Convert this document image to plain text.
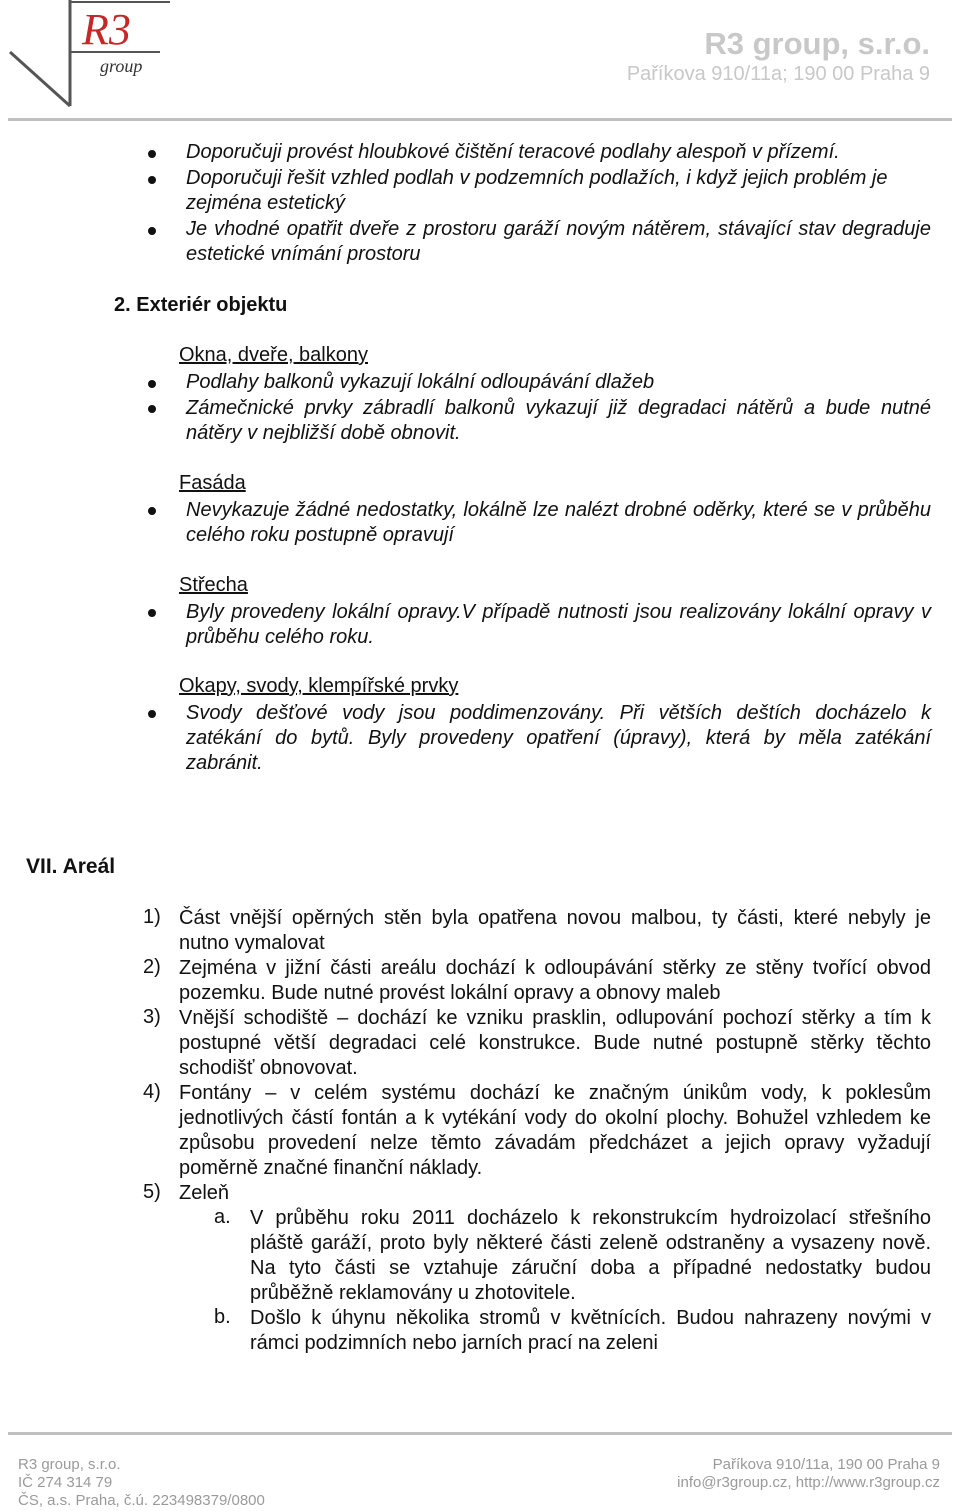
R3
group
R3 group, s.r.o.
Paříkova 910/11a; 190 00 Praha 9
Doporučuji provést hloubkové čištění teracové podlahy alespoň v přízemí.
Doporučuji řešit vzhled podlah v podzemních podlažích, i když jejich problém je zejména estetický
Je vhodné opatřit dveře z prostoru garáží novým nátěrem, stávající stav degraduje estetické vnímání prostoru
2. Exteriér objektu
Okna, dveře, balkony
Podlahy balkonů vykazují lokální odloupávání dlažeb
Zámečnické prvky zábradlí balkonů vykazují již degradaci nátěrů a bude nutné nátěry v nejbližší době obnovit.
Fasáda
Nevykazuje žádné nedostatky, lokálně lze nalézt drobné oděrky, které se v průběhu celého roku postupně opravují
Střecha
Byly provedeny lokální opravy.V případě nutnosti jsou realizovány lokální opravy v průběhu celého roku.
Okapy, svody, klempířské prvky
Svody dešťové vody jsou poddimenzovány. Při větších deštích docházelo k zatékání do bytů. Byly provedeny opatření (úpravy), která by měla zatékání zabránit.
VII. Areál
1) Část vnější opěrných stěn byla opatřena novou malbou, ty části, které nebyly je nutno vymalovat
2) Zejména v jižní části areálu dochází k odloupávání stěrky ze stěny tvořící obvod pozemku. Bude nutné provést lokální opravy a obnovy maleb
3) Vnější schodiště – dochází ke vzniku prasklin, odlupování pochozí stěrky a tím k postupné větší degradaci celé konstrukce. Bude nutné postupně stěrky těchto schodišť obnovovat.
4) Fontány – v celém systému dochází ke značným únikům vody, k poklesům jednotlivých částí fontán a k vytékání vody do okolní plochy. Bohužel vzhledem ke způsobu provedení nelze těmto závadám předcházet a jejich opravy vyžadují poměrně značné finanční náklady.
5) Zeleň
a. V průběhu roku 2011 docházelo k rekonstrukcím hydroizolací střešního pláště garáží, proto byly některé části zeleně odstraněny a vysazeny nově. Na tyto části se vztahuje záruční doba a případné nedostatky budou průběžně reklamovány u zhotovitele.
b. Došlo k úhynu několika stromů v květnících. Budou nahrazeny novými v rámci podzimních nebo jarních prací na zeleni
R3 group, s.r.o.
IČ 274 314 79
ČS, a.s. Praha, č.ú. 223498379/0800
Paříkova 910/11a, 190 00 Praha 9
info@r3group.cz, http://www.r3group.cz
